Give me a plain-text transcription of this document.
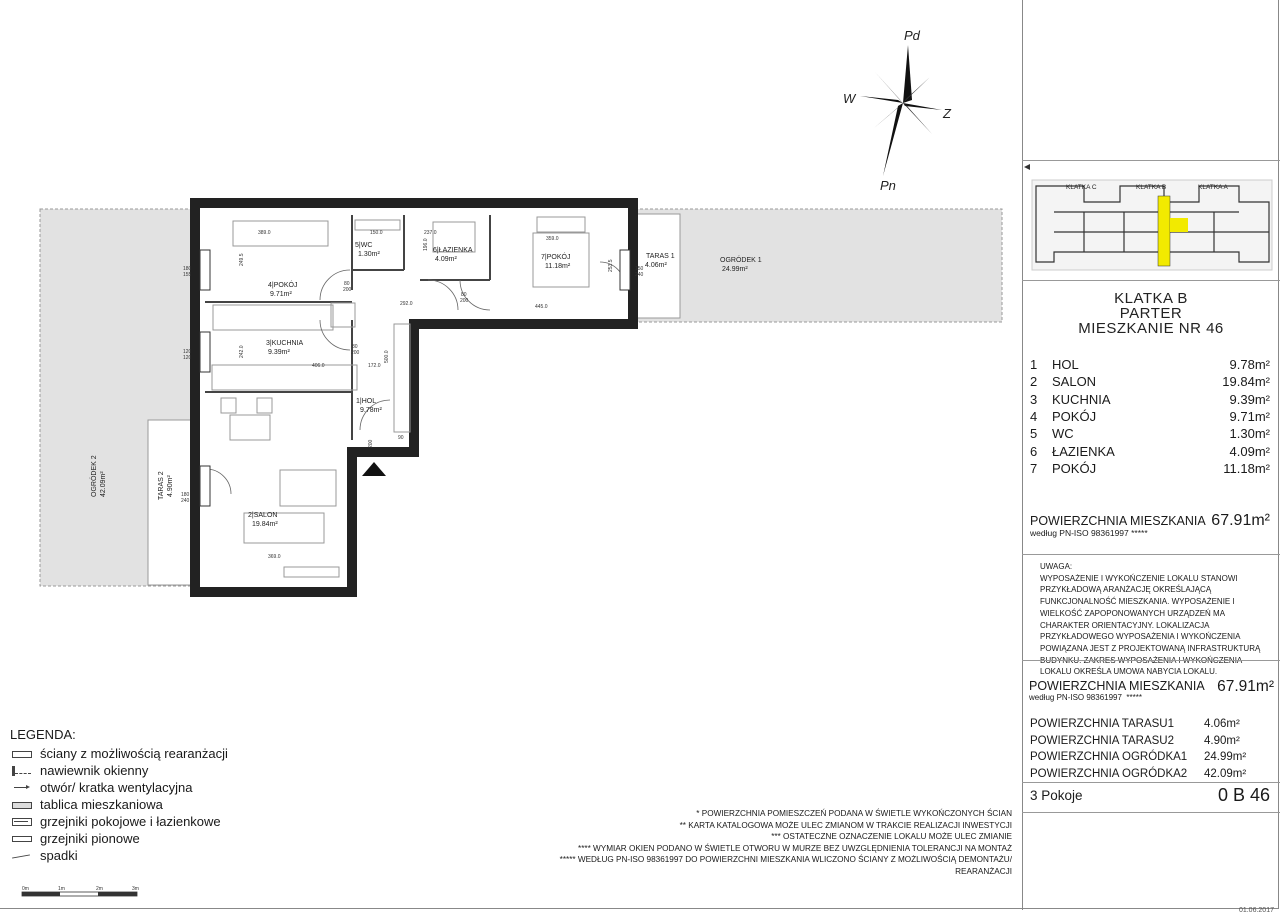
Pd
Pn
W
Z
4|POKÓJ
9.71m²
5|WC
1.30m²
6|ŁAZIENKA
4.09m²	7|POKÓJ
11.18m²
3|KUCHNIA
9.39m²
1|HOL
9.78m²
2|SALON
19.84m²
TARAS 1
4.06m²
TARAS 2 4.90m²
OGRÓDEK 1
24.99m²
OGRÓDEK 2 42.09m²
389.0	150.0	237.0
359.0
292.0	445.0
406.0	172.0
369.0
249.5
242.0
253.5
500.0
196.0
80
200
80
200
80
200
90
200
180
155
120
120
180
240
150
240
KLATKA C	KLATKA B	KLATKA A
KLATKA B
PARTER
MIESZKANIE NR 46
1	HOL	9.78m²
2	SALON	19.84m²
3	KUCHNIA	9.39m²
4	POKÓJ	9.71m²
5	WC	1.30m²
6	ŁAZIENKA	4.09m²
7	POKÓJ	11.18m²
POWIERZCHNIA MIESZKANIA
według PN-ISO 98361997 *****
67.91m²
UWAGA:
WYPOSAŻENIE I WYKOŃCZENIE LOKALU STANOWI PRZYKŁADOWĄ ARANŻACJĘ OKREŚLAJĄCĄ FUNKCJONALNOŚĆ MIESZKANIA. WYPOSAŻENIE I WIELKOŚĆ ZAPOPONOWANYCH URZĄDZEŃ MA CHARAKTER ORIENTACYJNY. LOKALIZACJA PRZYKŁADOWEGO WYPOSAŻENIA I WYKOŃCZENIA POWIĄZANA JEST Z PROJEKTOWANĄ INFRASTRUKTURĄ BUDYNKU. ZAKRES WYPOSAŻENIA I WYKOŃCZENIA LOKALU OKREŚLA UMOWA NABYCIA LOKALU.
POWIERZCHNIA MIESZKANIA
według PN-ISO 98361997 *****
67.91m²
POWIERZCHNIA TARASU1	4.06m²
POWIERZCHNIA TARASU2	4.90m²
POWIERZCHNIA OGRÓDKA1	24.99m²
POWIERZCHNIA OGRÓDKA2	42.09m²
3 Pokoje	0 B 46
LEGENDA:
ściany z możliwością rearanżacji
nawiewnik okienny
otwór/ kratka wentylacyjna
tablica mieszkaniowa
grzejniki pokojowe i łazienkowe
grzejniki pionowe
spadki
0m	1m	2m	3m
* POWIERZCHNIA POMIESZCZEŃ PODANA W ŚWIETLE WYKOŃCZONYCH ŚCIAN
** KARTA KATALOGOWA MOŻE ULEC ZMIANOM W TRAKCIE REALIZACJI INWESTYCJI
*** OSTATECZNE OZNACZENIE LOKALU MOŻE ULEC ZMIANIE
**** WYMIAR OKIEN PODANO W ŚWIETLE OTWORU W MURZE BEZ UWZGLĘDNIENIA TOLERANCJI NA MONTAŻ
***** WEDŁUG PN-ISO 98361997 DO POWIERZCHNI MIESZKANIA WLICZONO ŚCIANY Z MOŻLIWOŚCIĄ DEMONTAŻU/
REARANŻACJI
01.06.2017
